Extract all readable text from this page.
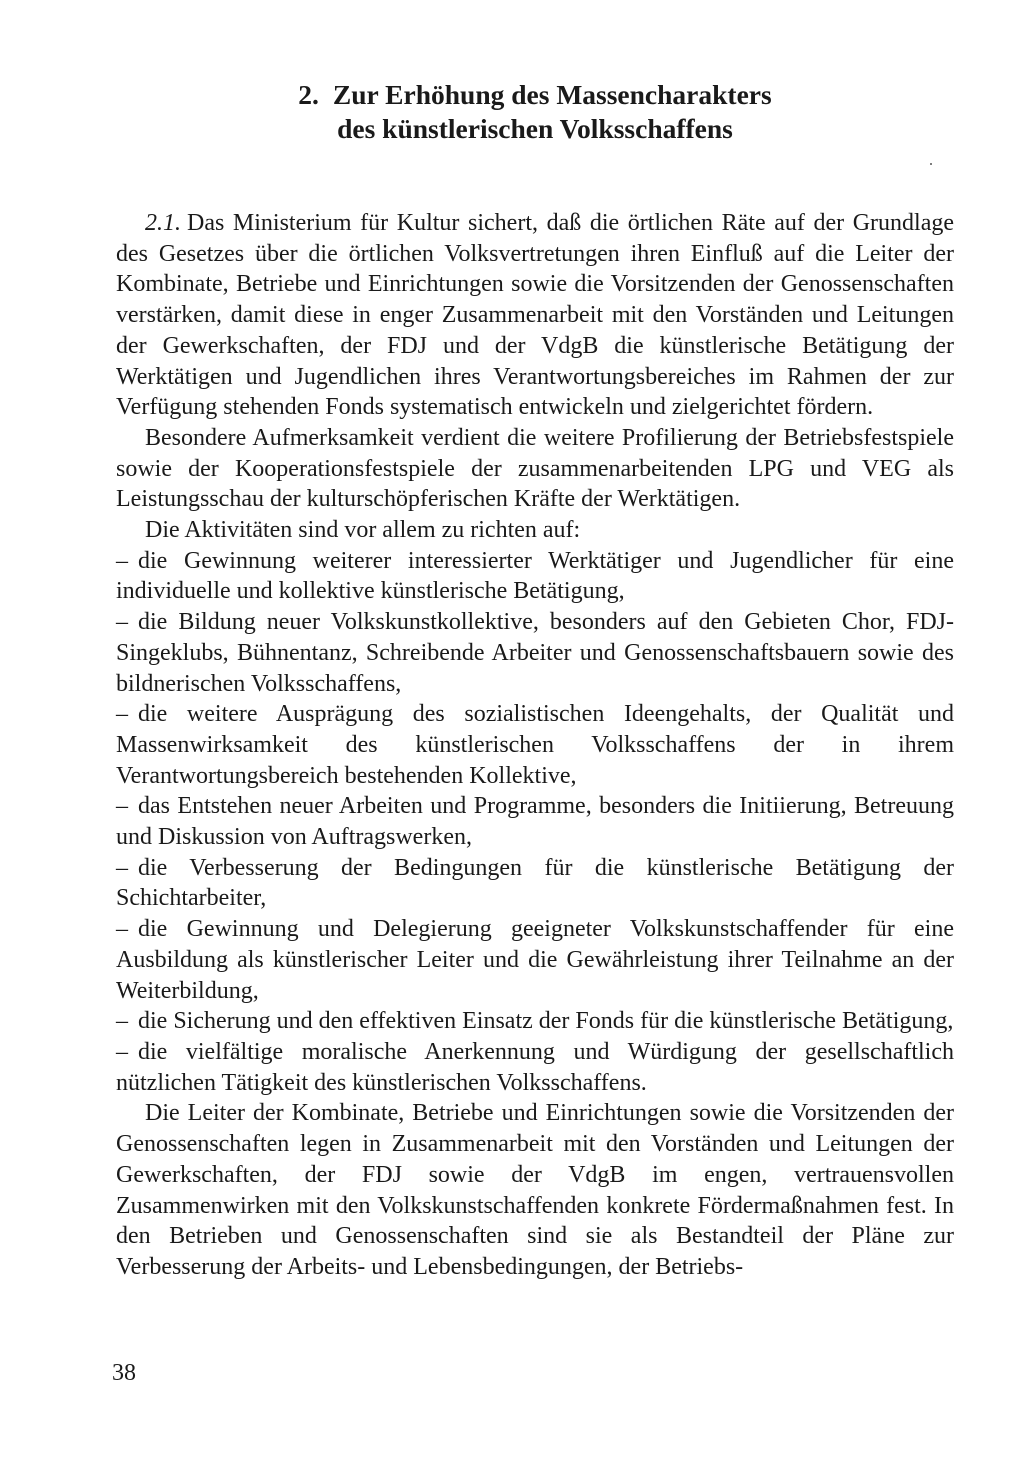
2. Zur Erhöhung des Massencharakters
des künstlerischen Volksschaffens

2.1. Das Ministerium für Kultur sichert, daß die örtlichen Räte auf der Grundlage des Gesetzes über die örtlichen Volksvertretungen ihren Einfluß auf die Leiter der Kombinate, Betriebe und Einrichtungen sowie die Vorsitzenden der Genossenschaften verstärken, damit diese in enger Zusammenarbeit mit den Vorständen und Leitungen der Gewerkschaften, der FDJ und der VdgB die künstlerische Betätigung der Werktätigen und Jugendlichen ihres Verantwortungsbereiches im Rahmen der zur Verfügung stehenden Fonds systematisch entwickeln und zielgerichtet fördern.

Besondere Aufmerksamkeit verdient die weitere Profilierung der Betriebsfestspiele sowie der Kooperationsfestspiele der zusammenarbeitenden LPG und VEG als Leistungsschau der kulturschöpferischen Kräfte der Werktätigen.

Die Aktivitäten sind vor allem zu richten auf:

– die Gewinnung weiterer interessierter Werktätiger und Jugendlicher für eine individuelle und kollektive künstlerische Betätigung,

– die Bildung neuer Volkskunstkollektive, besonders auf den Gebieten Chor, FDJ-Singeklubs, Bühnentanz, Schreibende Arbeiter und Genossenschaftsbauern sowie des bildnerischen Volksschaffens,

– die weitere Ausprägung des sozialistischen Ideengehalts, der Qualität und Massenwirksamkeit des künstlerischen Volksschaffens der in ihrem Verantwortungsbereich bestehenden Kollektive,

– das Entstehen neuer Arbeiten und Programme, besonders die Initiierung, Betreuung und Diskussion von Auftragswerken,

– die Verbesserung der Bedingungen für die künstlerische Betätigung der Schichtarbeiter,

– die Gewinnung und Delegierung geeigneter Volkskunstschaffender für eine Ausbildung als künstlerischer Leiter und die Gewährleistung ihrer Teilnahme an der Weiterbildung,

– die Sicherung und den effektiven Einsatz der Fonds für die künstlerische Betätigung,

– die vielfältige moralische Anerkennung und Würdigung der gesellschaftlich nützlichen Tätigkeit des künstlerischen Volksschaffens.

Die Leiter der Kombinate, Betriebe und Einrichtungen sowie die Vorsitzenden der Genossenschaften legen in Zusammenarbeit mit den Vorständen und Leitungen der Gewerkschaften, der FDJ sowie der VdgB im engen, vertrauensvollen Zusammenwirken mit den Volkskunstschaffenden konkrete Fördermaßnahmen fest. In den Betrieben und Genossenschaften sind sie als Bestandteil der Pläne zur Verbesserung der Arbeits- und Lebensbedingungen, der Betriebs-

38
